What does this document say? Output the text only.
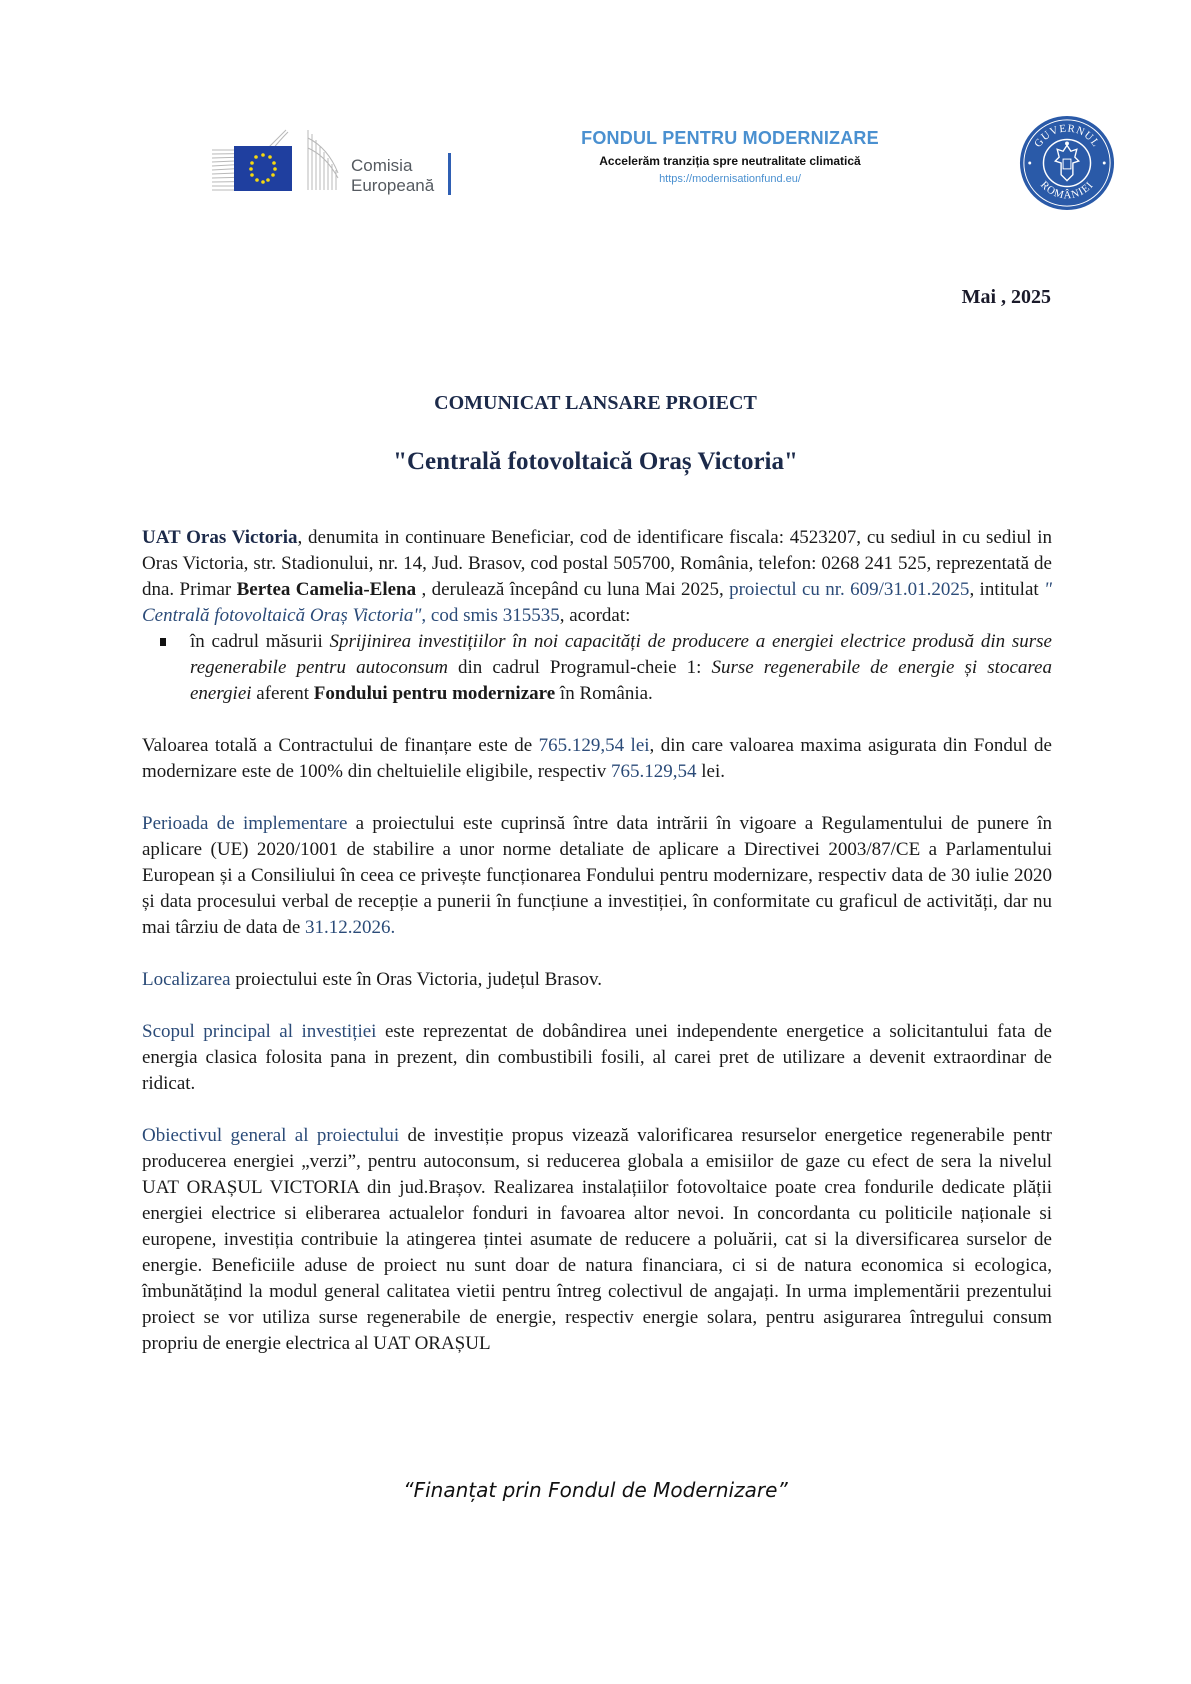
Comisia
Europeană
FONDUL PENTRU MODERNIZARE
Accelerăm tranziția spre neutralitate climatică
https://modernisationfund.eu/
GUVERNUL
ROMÂNIEI
Mai , 2025
COMUNICAT LANSARE PROIECT
"Centrală fotovoltaică Oraș Victoria"

UAT Oras Victoria, denumita in continuare Beneficiar, cod de identificare fiscala: 4523207, cu sediul in cu sediul in Oras Victoria, str. Stadionului, nr. 14, Jud. Brasov, cod postal 505700, România, telefon: 0268 241 525, reprezentată de dna. Primar Bertea Camelia-Elena , derulează începând cu luna Mai 2025, proiectul cu nr. 609/31.01.2025, intitulat " Centrală fotovoltaică Oraș Victoria", cod smis 315535, acordat:

în cadrul măsurii Sprijinirea investițiilor în noi capacități de producere a energiei electrice produsă din surse regenerabile pentru autoconsum din cadrul Programul-cheie 1: Surse regenerabile de energie și stocarea energiei aferent Fondului pentru modernizare în România.

Valoarea totală a Contractului de finanțare este de 765.129,54 lei, din care valoarea maxima asigurata din Fondul de modernizare este de 100% din cheltuielile eligibile, respectiv 765.129,54 lei.

Perioada de implementare a proiectului este cuprinsă între data intrării în vigoare a Regulamentului de punere în aplicare (UE) 2020/1001 de stabilire a unor norme detaliate de aplicare a Directivei 2003/87/CE a Parlamentului European și a Consiliului în ceea ce privește funcționarea Fondului pentru modernizare, respectiv data de 30 iulie 2020 și data procesului verbal de recepție a punerii în funcțiune a investiției, în conformitate cu graficul de activități, dar nu mai târziu de data de 31.12.2026.

Localizarea proiectului este în Oras Victoria, județul Brasov.

Scopul principal al investiției este reprezentat de dobândirea unei independente energetice a solicitantului fata de energia clasica folosita pana in prezent, din combustibili fosili, al carei pret de utilizare a devenit extraordinar de ridicat.

Obiectivul general al proiectului de investiție propus vizează valorificarea resurselor energetice regenerabile pentr producerea energiei „verzi”, pentru autoconsum, si reducerea globala a emisiilor de gaze cu efect de sera la nivelul UAT ORAȘUL VICTORIA din jud.Brașov. Realizarea instalațiilor fotovoltaice poate crea fondurile dedicate plății energiei electrice si eliberarea actualelor fonduri in favoarea altor nevoi. In concordanta cu politicile naționale si europene, investiția contribuie la atingerea țintei asumate de reducere a poluării, cat si la diversificarea surselor de energie. Beneficiile aduse de proiect nu sunt doar de natura financiara, ci si de natura economica si ecologica, îmbunătățind la modul general calitatea vietii pentru întreg colectivul de angajați. In urma implementării prezentului proiect se vor utiliza surse regenerabile de energie, respectiv energie solara, pentru asigurarea întregului consum propriu de energie electrica al UAT ORAȘUL

“Finanțat prin Fondul de Modernizare”
